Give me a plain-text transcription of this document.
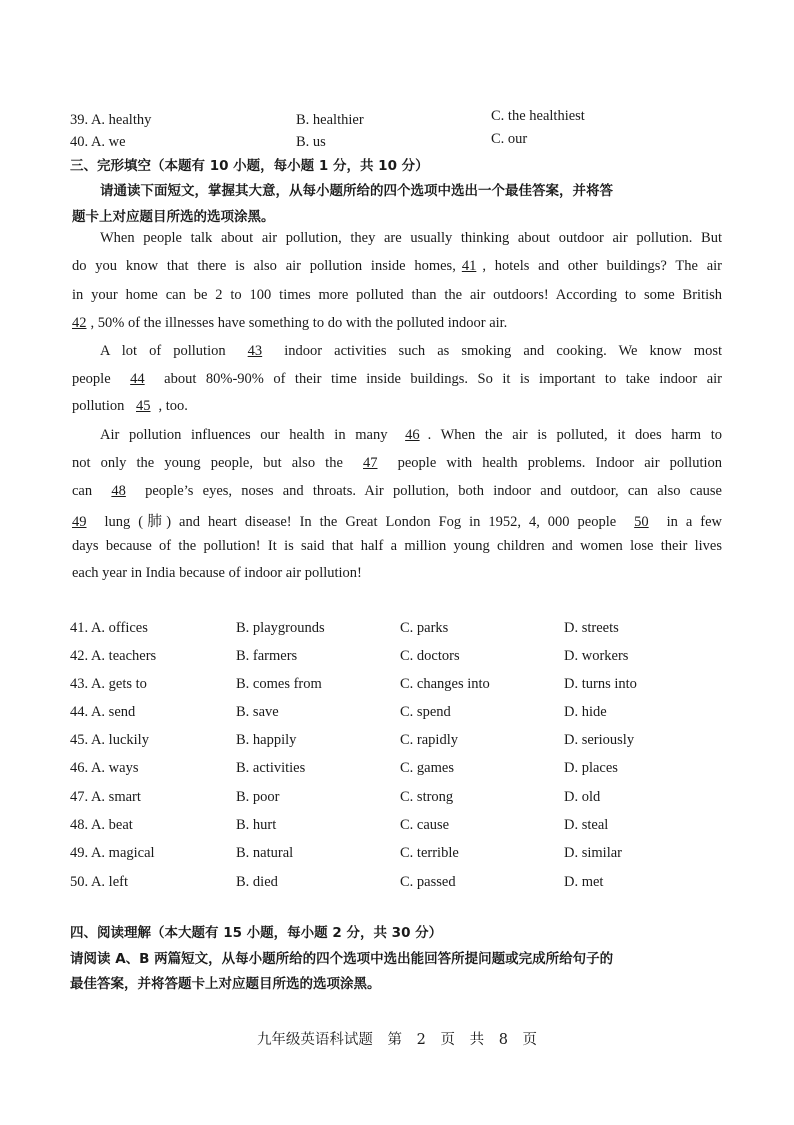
39. A. healthy	B. healthier	C. the healthiest
40. A. we	B. us	C. our
三、完形填空（本题有 10 小题，每小题 1 分，共 10 分）
请通读下面短文，掌握其大意，从每小题所给的四个选项中选出一个最佳答案，并将答
题卡上对应题目所选的选项涂黑。
When people talk about air pollution, they are usually thinking about outdoor air pollution. But
do you know that there is also air pollution inside homes, 41 , hotels and other buildings? The air
in your home can be 2 to 100 times more polluted than the air outdoors! According to some British
42 , 50% of the illnesses have something to do with the polluted indoor air.
A lot of pollution 43 indoor activities such as smoking and cooking. We know most
people 44 about 80%-90% of their time inside buildings. So it is important to take indoor air
pollution 45 , too.
Air pollution influences our health in many 46 . When the air is polluted, it does harm to
not only the young people, but also the 47 people with health problems. Indoor air pollution
can 48 people’s eyes, noses and throats. Air pollution, both indoor and outdoor, can also cause
49 lung (肺) and heart disease! In the Great London Fog in 1952, 4, 000 people 50 in a few
days because of the pollution! It is said that half a million young children and women lose their lives
each year in India because of indoor air pollution!
41. A. offices	B. playgrounds	C. parks	D. streets
42. A. teachers	B. farmers	C. doctors	D. workers
43. A. gets to	B. comes from	C. changes into	D. turns into
44. A. send	B. save	C. spend	D. hide
45. A. luckily	B. happily	C. rapidly	D. seriously
46. A. ways	B. activities	C. games	D. places
47. A. smart	B. poor	C. strong	D. old
48. A. beat	B. hurt	C. cause	D. steal
49. A. magical	B. natural	C. terrible	D. similar
50. A. left	B. died	C. passed	D. met
四、阅读理解（本大题有 15 小题，每小题 2 分，共 30 分）
请阅读 A、B 两篇短文，从每小题所给的四个选项中选出能回答所提问题或完成所给句子的
最佳答案，并将答题卡上对应题目所选的选项涂黑。
九年级英语科试题 第 2 页 共 8 页
